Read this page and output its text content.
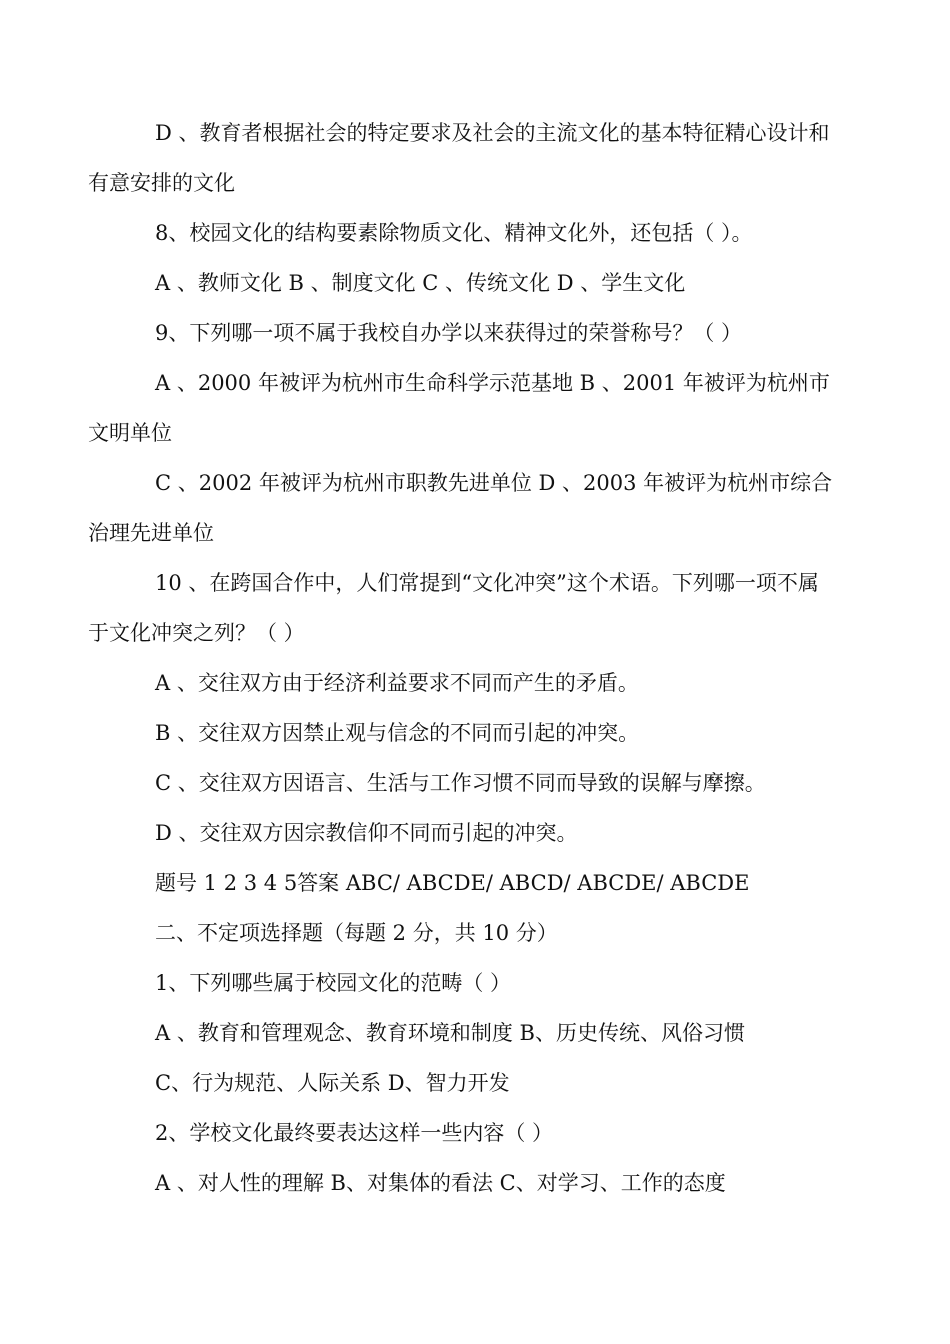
D 、教育者根据社会的特定要求及社会的主流文化的基本特征精心设计和
有意安排的文化
8、校园文化的结构要素除物质文化、精神文化外，还包括（ ）。
A 、教师文化 B 、制度文化 C 、传统文化 D 、学生文化
9、下列哪一项不属于我校自办学以来获得过的荣誉称号？（ ）
A 、2000 年被评为杭州市生命科学示范基地 B 、2001 年被评为杭州市
文明单位
C 、2002 年被评为杭州市职教先进单位 D 、2003 年被评为杭州市综合
治理先进单位
10 、在跨国合作中，人们常提到“文化冲突”这个术语。下列哪一项不属
于文化冲突之列？（ ）
A 、交往双方由于经济利益要求不同而产生的矛盾。
B 、交往双方因禁止观与信念的不同而引起的冲突。
C 、交往双方因语言、生活与工作习惯不同而导致的误解与摩擦。
D 、交往双方因宗教信仰不同而引起的冲突。
题号 1 2 3 4 5答案 ABC/ ABCDE/ ABCD/ ABCDE/ ABCDE
二、不定项选择题（每题 2 分，共 10 分）
1、下列哪些属于校园文化的范畴（ ）
A 、教育和管理观念、教育环境和制度 B、历史传统、风俗习惯
C、行为规范、人际关系 D、智力开发
2、学校文化最终要表达这样一些内容（ ）
A 、对人性的理解 B、对集体的看法 C、对学习、工作的态度
